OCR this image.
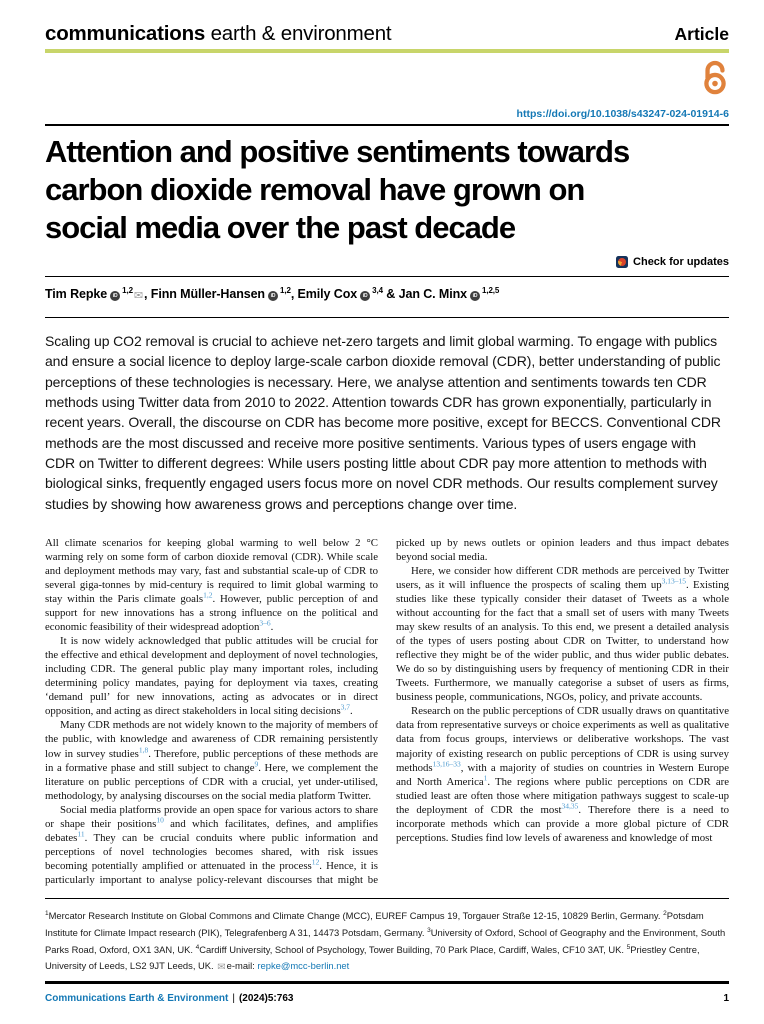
communications earth & environment	Article
https://doi.org/10.1038/s43247-024-01914-6
Attention and positive sentiments towards
carbon dioxide removal have grown on
social media over the past decade
Check for updates
Tim RepkeiD $^{1,2}$ ✉ , Finn Müller-HanseniD $^{1,2}$, Emily CoxiD $^{3,4}$ & Jan C. MinxiD $^{1,2,5}$
Scaling up CO2 removal is crucial to achieve net-zero targets and limit global warming. To engage with publics and ensure a social licence to deploy large-scale carbon dioxide removal (CDR), better understanding of public perceptions of these technologies is necessary. Here, we analyse attention and sentiments towards ten CDR methods using Twitter data from 2010 to 2022. Attention towards CDR has grown exponentially, particularly in recent years. Overall, the discourse on CDR has become more positive, except for BECCS. Conventional CDR methods are the most discussed and receive more positive sentiments. Various types of users engage with CDR on Twitter to different degrees: While users posting little about CDR pay more attention to methods with biological sinks, frequently engaged users focus more on novel CDR methods. Our results complement survey studies by showing how awareness grows and perceptions change over time.

All climate scenarios for keeping global warming to well below 2 °C warming rely on some form of carbon dioxide removal (CDR). While scale and deployment methods may vary, fast and substantial scale-up of CDR to several giga-tonnes by mid-century is required to limit global warming to stay within the Paris climate goals$^{1,2}$. However, public perception of and support for new innovations has a strong influence on the political and economic feasibility of their widespread adoption$^{3-6}$.

It is now widely acknowledged that public attitudes will be crucial for the effective and ethical development and deployment of novel technologies, including CDR. The general public play many important roles, including determining policy mandates, paying for deployment via taxes, creating ‘demand pull’ for new innovations, acting as advocates or in direct opposition, and acting as direct stakeholders in local siting decisions$^{3,7}$.

Many CDR methods are not widely known to the majority of members of the public, with knowledge and awareness of CDR remaining persistently low in survey studies$^{1,8}$. Therefore, public perceptions of these methods are in a formative phase and still subject to change$^9$. Here, we complement the literature on public perceptions of CDR with a crucial, yet under-utilised, methodology, by analysing discourses on the social media platform Twitter.

Social media platforms provide an open space for various actors to share or shape their positions$^{10}$ and which facilitates, defines, and amplifies debates$^{11}$. They can be crucial conduits where public information and perceptions of novel technologies becomes shared, with risk issues becoming potentially amplified or attenuated in the process$^{12}$. Hence, it is particularly important to analyse policy-relevant discourses that might be picked up by news outlets or opinion leaders and thus impact debates beyond social media.

Here, we consider how different CDR methods are perceived by Twitter users, as it will influence the prospects of scaling them up$^{3,13-15}$. Existing studies like these typically consider their dataset of Tweets as a whole without accounting for the fact that a small set of users with many Tweets may skew results of an analysis. To this end, we present a detailed analysis of the types of users posting about CDR on Twitter, to understand how reflective they might be of the wider public, and thus wider public debates. We do so by distinguishing users by frequency of mentioning CDR in their Tweets. Furthermore, we manually categorise a subset of users as firms, business people, communications, NGOs, policy, and private accounts.

Research on the public perceptions of CDR usually draws on quantitative data from representative surveys or choice experiments as well as qualitative data from focus groups, interviews or deliberative workshops. The vast majority of existing research on public perceptions of CDR is using survey methods$^{13,16-33}$, with a majority of studies on countries in Western Europe and North America$^1$. The regions where public perceptions on CDR are studied least are often those where mitigation pathways suggest to scale-up the deployment of CDR the most$^{34,35}$. Therefore there is a need to incorporate methods which can provide a more global picture of CDR perceptions. Studies find low levels of awareness and knowledge of most

$^1$Mercator Research Institute on Global Commons and Climate Change (MCC), EUREF Campus 19, Torgauer Straße 12-15, 10829 Berlin, Germany. $^2$Potsdam Institute for Climate Impact research (PIK), Telegrafenberg A 31, 14473 Potsdam, Germany. $^3$University of Oxford, School of Geography and the Environment, South Parks Road, Oxford, OX1 3AN, UK. $^4$Cardiff University, School of Psychology, Tower Building, 70 Park Place, Cardiff, Wales, CF10 3AT, UK. $^5$Priestley Centre, University of Leeds, LS2 9JT Leeds, UK. ✉e-mail: repke@mcc-berlin.net
Communications Earth & Environment | (2024)5:763	1
